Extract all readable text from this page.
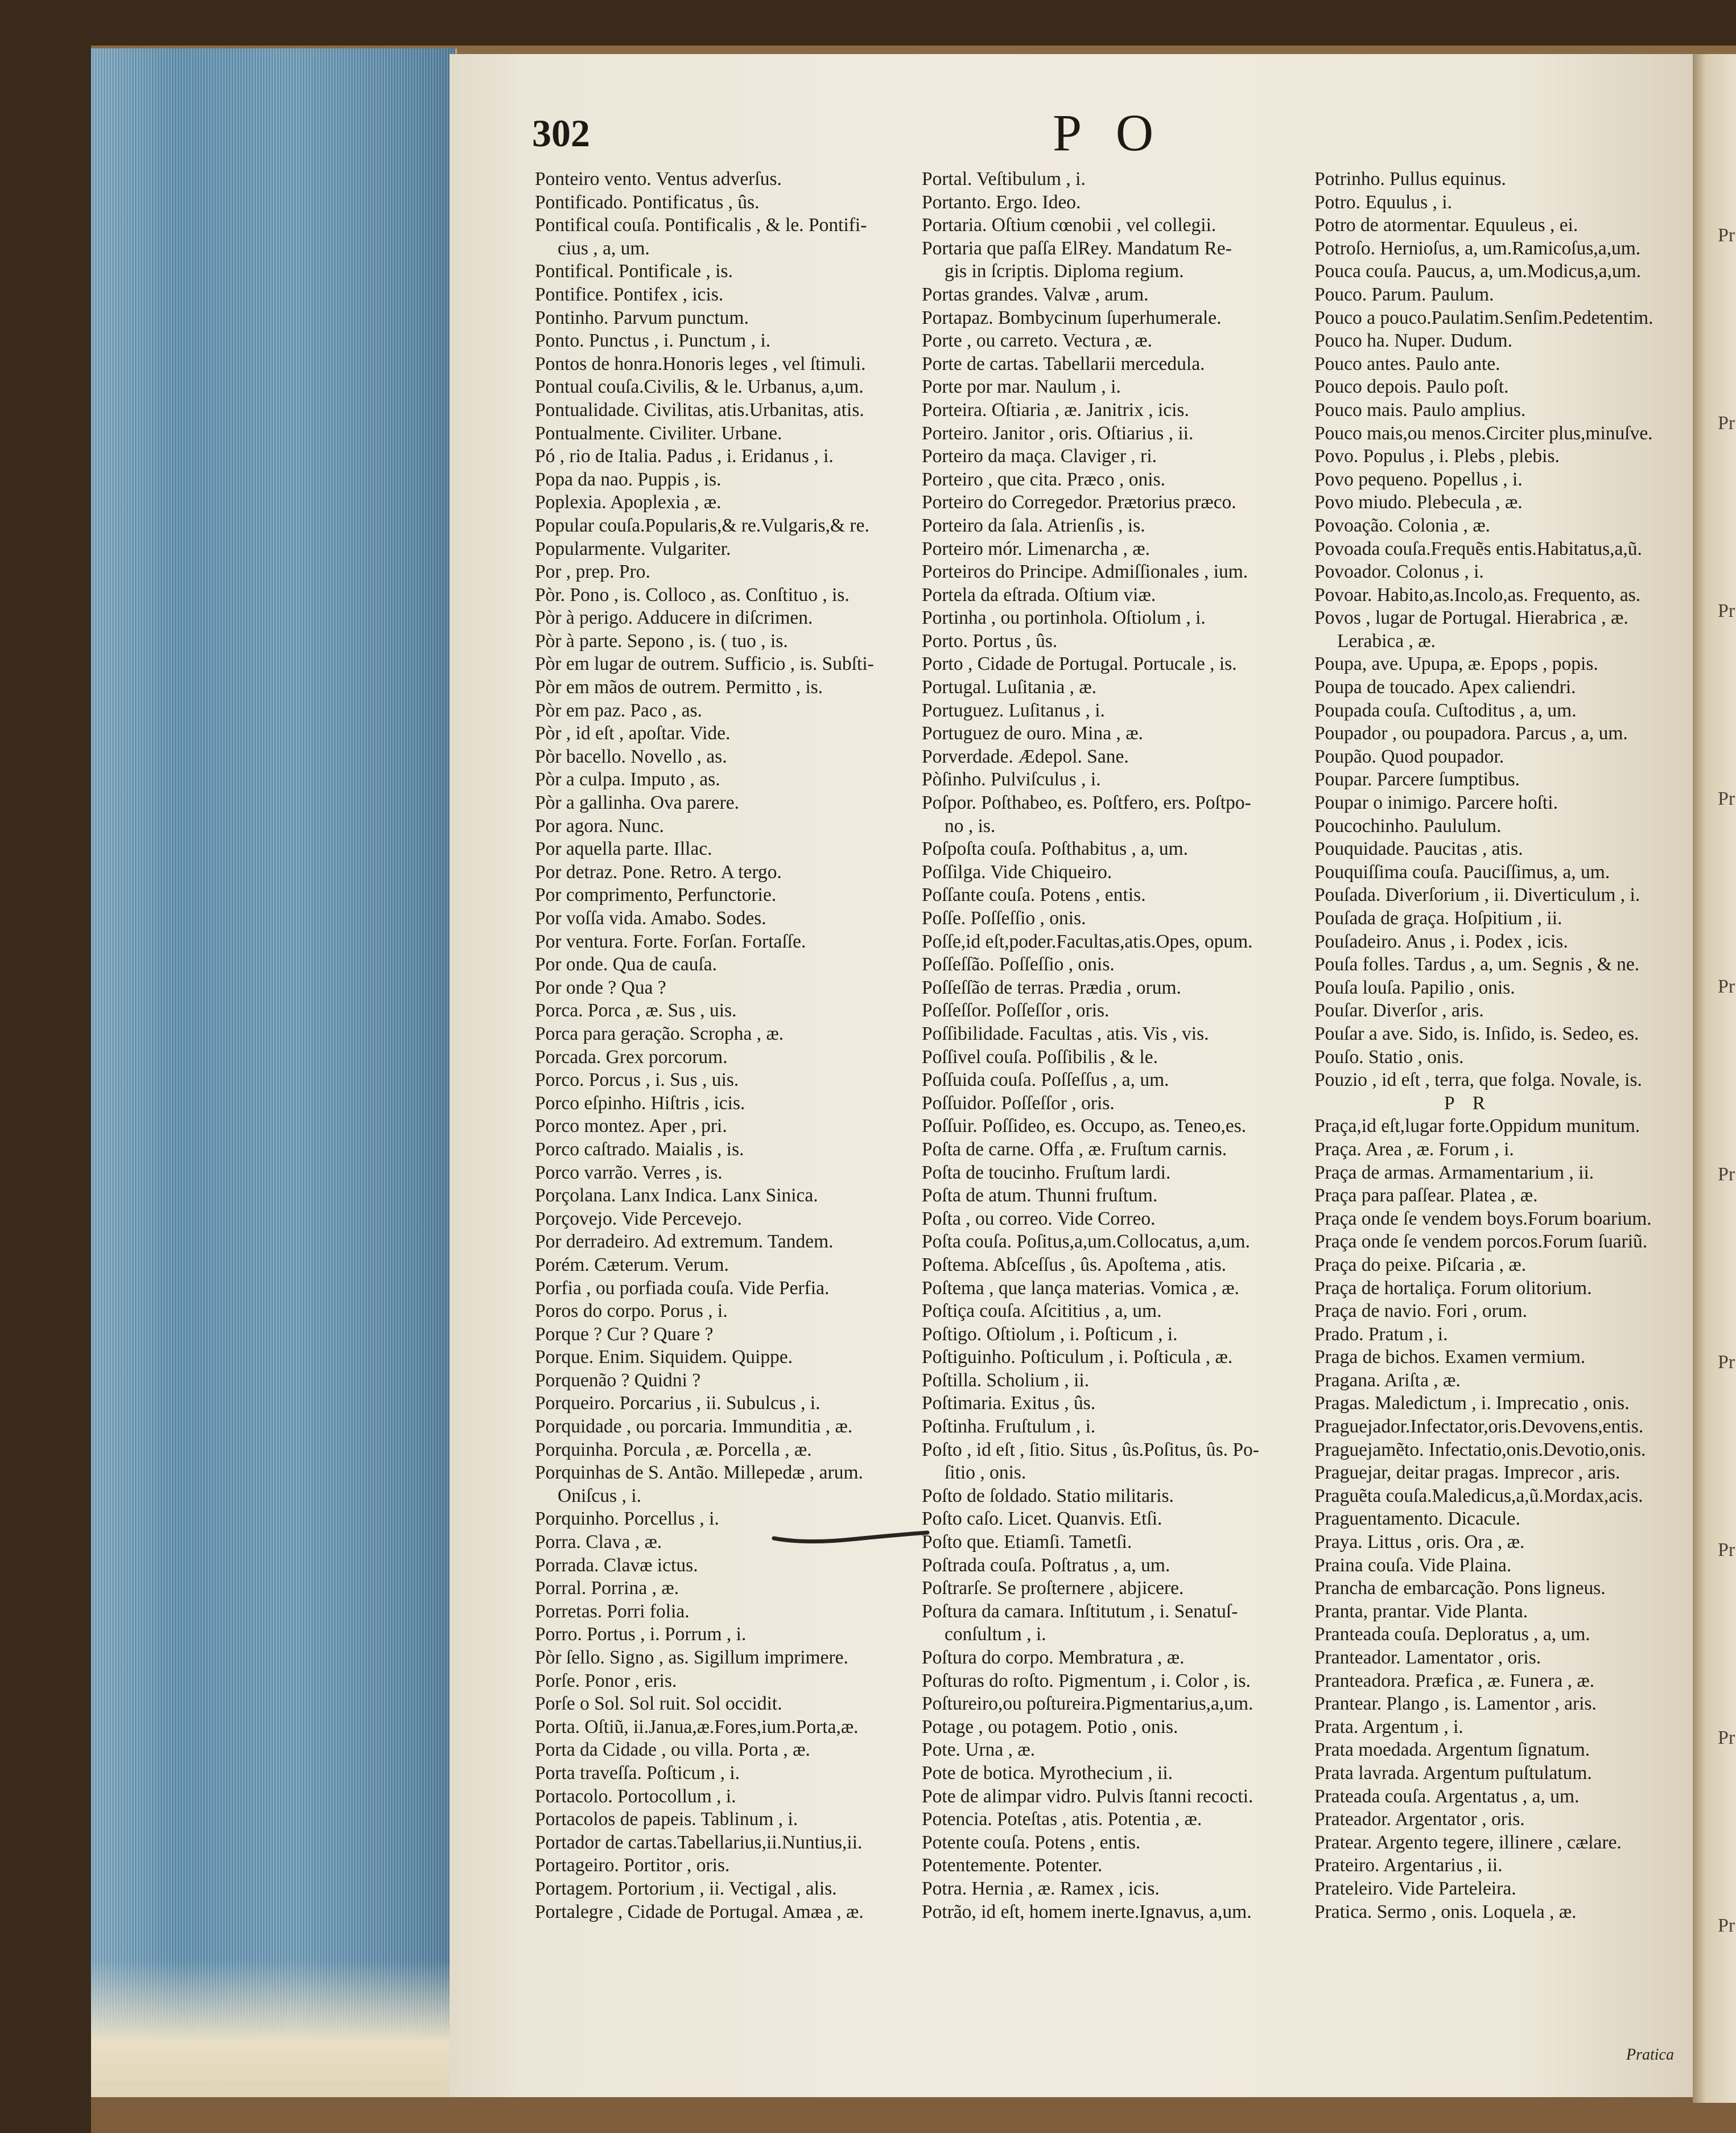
Pr
Pr
Pr
Pr
Pr
Pr
Pr
Pr
Pr
Pr
302	P O
Ponteiro vento. Ventus adverſus.
Pontificado. Pontificatus , ûs.
Pontifical couſa. Pontificalis , & le. Pontifi-
cius , a, um.
Pontifical. Pontificale , is.
Pontifice. Pontifex , icis.
Pontinho. Parvum punctum.
Ponto. Punctus , i. Punctum , i.
Pontos de honra.Honoris leges , vel ſtimuli.
Pontual couſa.Civilis, & le. Urbanus, a,um.
Pontualidade. Civilitas, atis.Urbanitas, atis.
Pontualmente. Civiliter. Urbane.
Pó , rio de Italia. Padus , i. Eridanus , i.
Popa da nao. Puppis , is.
Poplexia. Apoplexia , æ.
Popular couſa.Popularis,& re.Vulgaris,& re.
Popularmente. Vulgariter.
Por , prep. Pro.
Pòr. Pono , is. Colloco , as. Conſtituo , is.
Pòr à perigo. Adducere in diſcrimen.
Pòr à parte. Sepono , is. ( tuo , is.
Pòr em lugar de outrem. Sufficio , is. Subſti-
Pòr em mãos de outrem. Permitto , is.
Pòr em paz. Paco , as.
Pòr , id eſt , apoſtar. Vide.
Pòr bacello. Novello , as.
Pòr a culpa. Imputo , as.
Pòr a gallinha. Ova parere.
Por agora. Nunc.
Por aquella parte. Illac.
Por detraz. Pone. Retro. A tergo.
Por comprimento, Perfunctorie.
Por voſſa vida. Amabo. Sodes.
Por ventura. Forte. Forſan. Fortaſſe.
Por onde. Qua de cauſa.
Por onde ? Qua ?
Porca. Porca , æ. Sus , uis.
Porca para geração. Scropha , æ.
Porcada. Grex porcorum.
Porco. Porcus , i. Sus , uis.
Porco eſpinho. Hiſtris , icis.
Porco montez. Aper , pri.
Porco caſtrado. Maialis , is.
Porco varrão. Verres , is.
Porçolana. Lanx Indica. Lanx Sinica.
Porçovejo. Vide Percevejo.
Por derradeiro. Ad extremum. Tandem.
Porém. Cæterum. Verum.
Porfia , ou porfiada couſa. Vide Perfia.
Poros do corpo. Porus , i.
Porque ? Cur ? Quare ?
Porque. Enim. Siquidem. Quippe.
Porquenão ? Quidni ?
Porqueiro. Porcarius , ii. Subulcus , i.
Porquidade , ou porcaria. Immunditia , æ.
Porquinha. Porcula , æ. Porcella , æ.
Porquinhas de S. Antão. Millepedæ , arum.
Oniſcus , i.
Porquinho. Porcellus , i.
Porra. Clava , æ.
Porrada. Clavæ ictus.
Porral. Porrina , æ.
Porretas. Porri folia.
Porro. Portus , i. Porrum , i.
Pòr ſello. Signo , as. Sigillum imprimere.
Porſe. Ponor , eris.
Porſe o Sol. Sol ruit. Sol occidit.
Porta. Oſtiũ, ii.Janua,æ.Fores,ium.Porta,æ.
Porta da Cidade , ou villa. Porta , æ.
Porta traveſſa. Poſticum , i.
Portacolo. Portocollum , i.
Portacolos de papeis. Tablinum , i.
Portador de cartas.Tabellarius,ii.Nuntius,ii.
Portageiro. Portitor , oris.
Portagem. Portorium , ii. Vectigal , alis.
Portalegre , Cidade de Portugal. Amæa , æ.
Portal. Veſtibulum , i.
Portanto. Ergo. Ideo.
Portaria. Oſtium cœnobii , vel collegii.
Portaria que paſſa ElRey. Mandatum Re-
gis in ſcriptis. Diploma regium.
Portas grandes. Valvæ , arum.
Portapaz. Bombycinum ſuperhumerale.
Porte , ou carreto. Vectura , æ.
Porte de cartas. Tabellarii mercedula.
Porte por mar. Naulum , i.
Porteira. Oſtiaria , æ. Janitrix , icis.
Porteiro. Janitor , oris. Oſtiarius , ii.
Porteiro da maça. Claviger , ri.
Porteiro , que cita. Præco , onis.
Porteiro do Corregedor. Prætorius præco.
Porteiro da ſala. Atrienſis , is.
Porteiro mór. Limenarcha , æ.
Porteiros do Principe. Admiſſionales , ium.
Portela da eſtrada. Oſtium viæ.
Portinha , ou portinhola. Oſtiolum , i.
Porto. Portus , ûs.
Porto , Cidade de Portugal. Portucale , is.
Portugal. Luſitania , æ.
Portuguez. Luſitanus , i.
Portuguez de ouro. Mina , æ.
Porverdade. Ædepol. Sane.
Pòſinho. Pulviſculus , i.
Poſpor. Poſthabeo, es. Poſtfero, ers. Poſtpo-
no , is.
Poſpoſta couſa. Poſthabitus , a, um.
Poſſilga. Vide Chiqueiro.
Poſſante couſa. Potens , entis.
Poſſe. Poſſeſſio , onis.
Poſſe,id eſt,poder.Facultas,atis.Opes, opum.
Poſſeſſão. Poſſeſſio , onis.
Poſſeſſão de terras. Prædia , orum.
Poſſeſſor. Poſſeſſor , oris.
Poſſibilidade. Facultas , atis. Vis , vis.
Poſſivel couſa. Poſſibilis , & le.
Poſſuida couſa. Poſſeſſus , a, um.
Poſſuidor. Poſſeſſor , oris.
Poſſuir. Poſſideo, es. Occupo, as. Teneo,es.
Poſta de carne. Offa , æ. Fruſtum carnis.
Poſta de toucinho. Fruſtum lardi.
Poſta de atum. Thunni fruſtum.
Poſta , ou correo. Vide Correo.
Poſta couſa. Poſitus,a,um.Collocatus, a,um.
Poſtema. Abſceſſus , ûs. Apoſtema , atis.
Poſtema , que lança materias. Vomica , æ.
Poſtiça couſa. Aſcititius , a, um.
Poſtigo. Oſtiolum , i. Poſticum , i.
Poſtiguinho. Poſticulum , i. Poſticula , æ.
Poſtilla. Scholium , ii.
Poſtimaria. Exitus , ûs.
Poſtinha. Fruſtulum , i.
Poſto , id eſt , ſitio. Situs , ûs.Poſitus, ûs. Po-
ſitio , onis.
Poſto de ſoldado. Statio militaris.
Poſto caſo. Licet. Quanvis. Etſi.
Poſto que. Etiamſi. Tametſi.
Poſtrada couſa. Poſtratus , a, um.
Poſtrarſe. Se proſternere , abjicere.
Poſtura da camara. Inſtitutum , i. Senatuſ-
conſultum , i.
Poſtura do corpo. Membratura , æ.
Poſturas do roſto. Pigmentum , i. Color , is.
Poſtureiro,ou poſtureira.Pigmentarius,a,um.
Potage , ou potagem. Potio , onis.
Pote. Urna , æ.
Pote de botica. Myrothecium , ii.
Pote de alimpar vidro. Pulvis ſtanni recocti.
Potencia. Poteſtas , atis. Potentia , æ.
Potente couſa. Potens , entis.
Potentemente. Potenter.
Potra. Hernia , æ. Ramex , icis.
Potrão, id eſt, homem inerte.Ignavus, a,um.
Potrinho. Pullus equinus.
Potro. Equulus , i.
Potro de atormentar. Equuleus , ei.
Potroſo. Hernioſus, a, um.Ramicoſus,a,um.
Pouca couſa. Paucus, a, um.Modicus,a,um.
Pouco. Parum. Paulum.
Pouco a pouco.Paulatim.Senſim.Pedetentim.
Pouco ha. Nuper. Dudum.
Pouco antes. Paulo ante.
Pouco depois. Paulo poſt.
Pouco mais. Paulo amplius.
Pouco mais,ou menos.Circiter plus,minuſve.
Povo. Populus , i. Plebs , plebis.
Povo pequeno. Popellus , i.
Povo miudo. Plebecula , æ.
Povoação. Colonia , æ.
Povoada couſa.Frequẽs entis.Habitatus,a,ũ.
Povoador. Colonus , i.
Povoar. Habito,as.Incolo,as. Frequento, as.
Povos , lugar de Portugal. Hierabrica , æ.
Lerabica , æ.
Poupa, ave. Upupa, æ. Epops , popis.
Poupa de toucado. Apex caliendri.
Poupada couſa. Cuſtoditus , a, um.
Poupador , ou poupadora. Parcus , a, um.
Poupão. Quod poupador.
Poupar. Parcere ſumptibus.
Poupar o inimigo. Parcere hoſti.
Poucochinho. Paululum.
Pouquidade. Paucitas , atis.
Pouquiſſima couſa. Pauciſſimus, a, um.
Pouſada. Diverſorium , ii. Diverticulum , i.
Pouſada de graça. Hoſpitium , ii.
Pouſadeiro. Anus , i. Podex , icis.
Pouſa folles. Tardus , a, um. Segnis , & ne.
Pouſa louſa. Papilio , onis.
Pouſar. Diverſor , aris.
Pouſar a ave. Sido, is. Inſido, is. Sedeo, es.
Pouſo. Statio , onis.
Pouzio , id eſt , terra, que folga. Novale, is.
P R
Praça,id eſt,lugar forte.Oppidum munitum.
Praça. Area , æ. Forum , i.
Praça de armas. Armamentarium , ii.
Praça para paſſear. Platea , æ.
Praça onde ſe vendem boys.Forum boarium.
Praça onde ſe vendem porcos.Forum ſuariũ.
Praça do peixe. Piſcaria , æ.
Praça de hortaliça. Forum olitorium.
Praça de navio. Fori , orum.
Prado. Pratum , i.
Praga de bichos. Examen vermium.
Pragana. Ariſta , æ.
Pragas. Maledictum , i. Imprecatio , onis.
Praguejador.Infectator,oris.Devovens,entis.
Praguejamẽto. Infectatio,onis.Devotio,onis.
Praguejar, deitar pragas. Imprecor , aris.
Praguẽta couſa.Maledicus,a,ũ.Mordax,acis.
Praguentamento. Dicacule.
Praya. Littus , oris. Ora , æ.
Praina couſa. Vide Plaina.
Prancha de embarcação. Pons ligneus.
Pranta, prantar. Vide Planta.
Pranteada couſa. Deploratus , a, um.
Pranteador. Lamentator , oris.
Pranteadora. Præfica , æ. Funera , æ.
Prantear. Plango , is. Lamentor , aris.
Prata. Argentum , i.
Prata moedada. Argentum ſignatum.
Prata lavrada. Argentum puſtulatum.
Prateada couſa. Argentatus , a, um.
Prateador. Argentator , oris.
Pratear. Argento tegere, illinere , cælare.
Prateiro. Argentarius , ii.
Prateleiro. Vide Parteleira.
Pratica. Sermo , onis. Loquela , æ.
Pratica
